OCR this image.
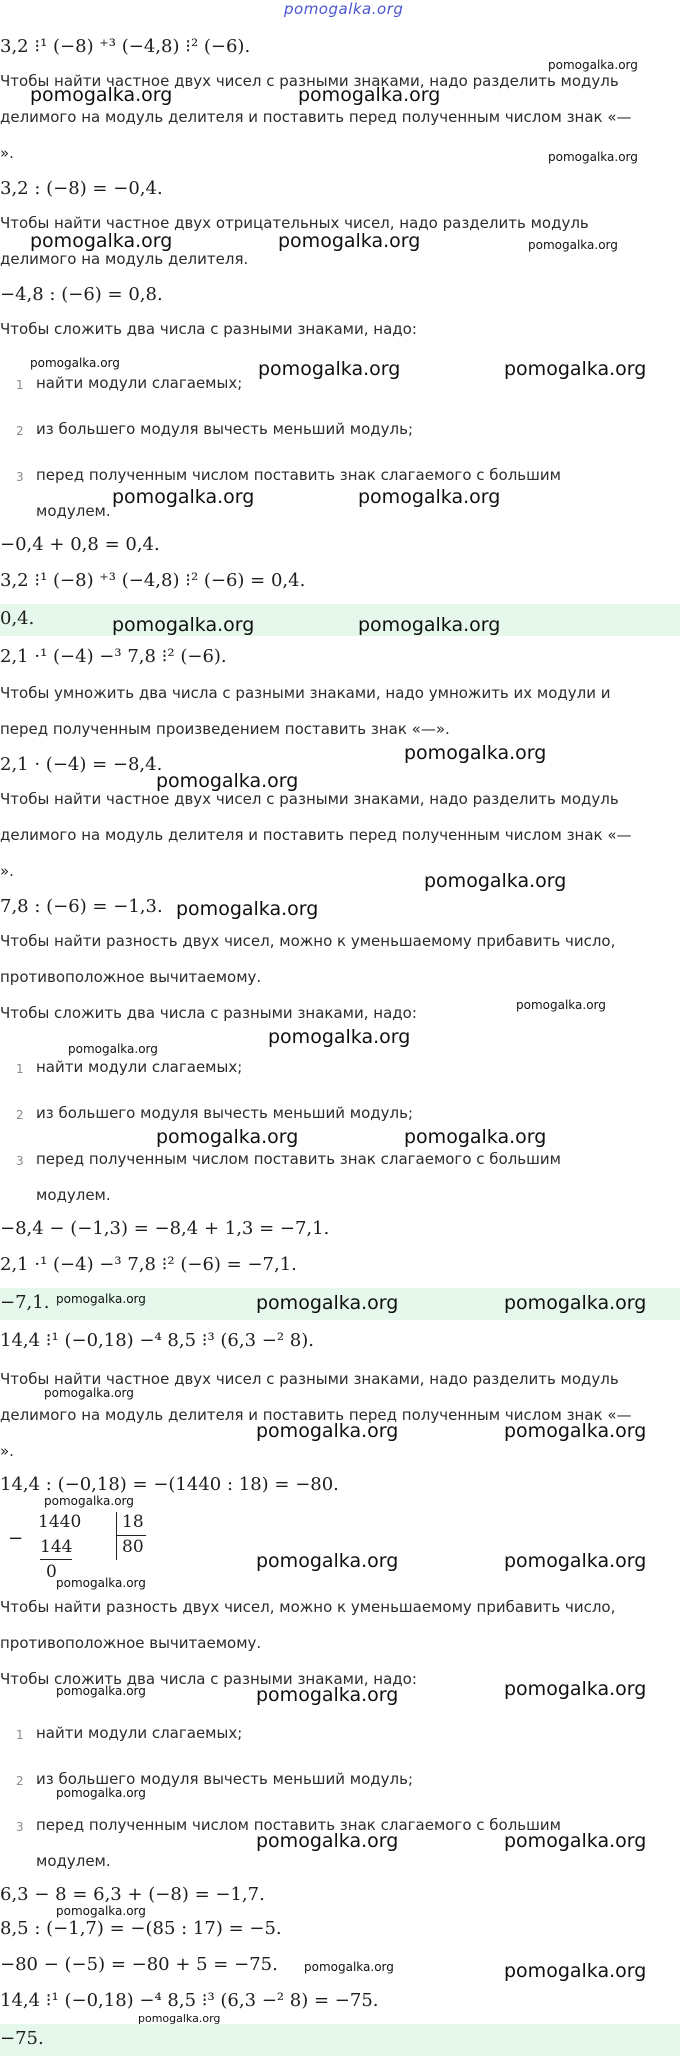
pomogalka.org
3,2 ⁝¹ (−8) ⁺³ (−4,8) ⁝² (−6).
Чтобы найти частное двух чисел с разными знаками, надо разделить модуль
делимого на модуль делителя и поставить перед полученным числом знак «—
».
3,2 : (−8) = −0,4.
Чтобы найти частное двух отрицательных чисел, надо разделить модуль
делимого на модуль делителя.
−4,8 : (−6) = 0,8.
Чтобы сложить два числа с разными знаками, надо:
1 найти модули слагаемых;
2 из большего модуля вычесть меньший модуль;
3 перед полученным числом поставить знак слагаемого с большим
модулем.
−0,4 + 0,8 = 0,4.
3,2 ⁝¹ (−8) ⁺³ (−4,8) ⁝² (−6) = 0,4.
0,4.
2,1 ·¹ (−4) −³ 7,8 ⁝² (−6).
Чтобы умножить два числа с разными знаками, надо умножить их модули и
перед полученным произведением поставить знак «—».
2,1 · (−4) = −8,4.
Чтобы найти частное двух чисел с разными знаками, надо разделить модуль
делимого на модуль делителя и поставить перед полученным числом знак «—
».
7,8 : (−6) = −1,3.
Чтобы найти разность двух чисел, можно к уменьшаемому прибавить число,
противоположное вычитаемому.
Чтобы сложить два числа с разными знаками, надо:
1 найти модули слагаемых;
2 из большего модуля вычесть меньший модуль;
3 перед полученным числом поставить знак слагаемого с большим
модулем.
−8,4 − (−1,3) = −8,4 + 1,3 = −7,1.
2,1 ·¹ (−4) −³ 7,8 ⁝² (−6) = −7,1.
−7,1.
14,4 ⁝¹ (−0,18) −⁴ 8,5 ⁝³ (6,3 −² 8).
Чтобы найти частное двух чисел с разными знаками, надо разделить модуль
делимого на модуль делителя и поставить перед полученным числом знак «—
».
14,4 : (−0,18) = −(1440 : 18) = −80.
−
1440
144
0
18
80
Чтобы найти разность двух чисел, можно к уменьшаемому прибавить число,
противоположное вычитаемому.
Чтобы сложить два числа с разными знаками, надо:
1 найти модули слагаемых;
2 из большего модуля вычесть меньший модуль;
3 перед полученным числом поставить знак слагаемого с большим
модулем.
6,3 − 8 = 6,3 + (−8) = −1,7.
8,5 : (−1,7) = −(85 : 17) = −5.
−80 − (−5) = −80 + 5 = −75.
14,4 ⁝¹ (−0,18) −⁴ 8,5 ⁝³ (6,3 −² 8) = −75.
−75.
pomogalka.org
pomogalka.org	pomogalka.org
pomogalka.org
pomogalka.org	pomogalka.org	pomogalka.org
pomogalka.org	pomogalka.org	pomogalka.org
pomogalka.org	pomogalka.org
pomogalka.org	pomogalka.org
pomogalka.org
pomogalka.org
pomogalka.org
pomogalka.org
pomogalka.org
pomogalka.org
pomogalka.org
pomogalka.org	pomogalka.org
pomogalka.org	pomogalka.org	pomogalka.org
pomogalka.org
pomogalka.org	pomogalka.org
pomogalka.org
pomogalka.org	pomogalka.org
pomogalka.org
pomogalka.org	pomogalka.org	pomogalka.org
pomogalka.org
pomogalka.org	pomogalka.org
pomogalka.org
pomogalka.org	pomogalka.org
pomogalka.org
